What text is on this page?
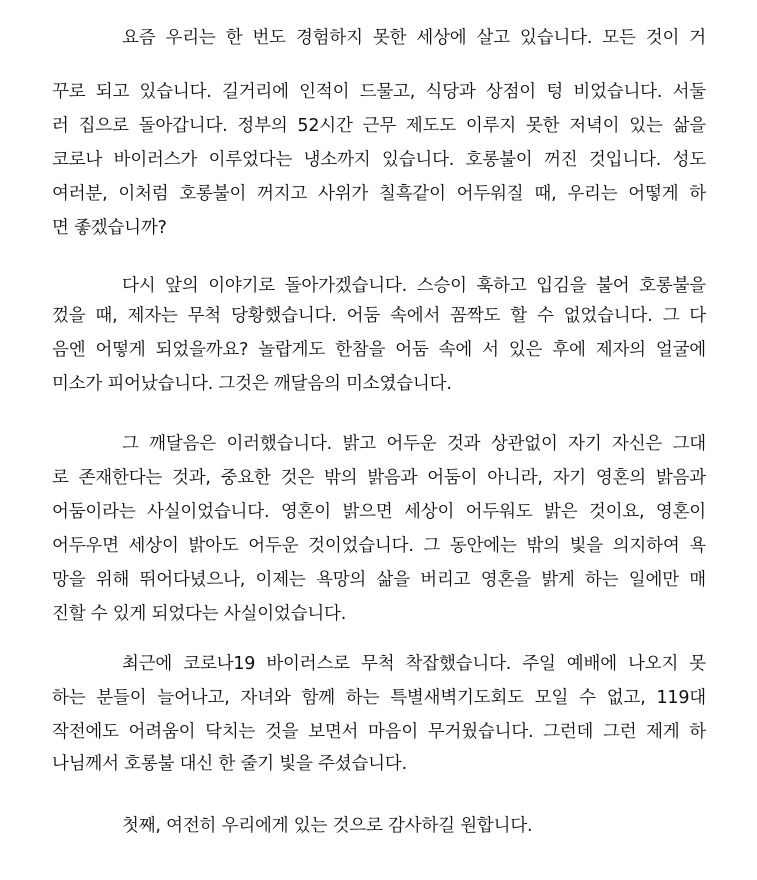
요즘 우리는 한 번도 경험하지 못한 세상에 살고 있습니다. 모든 것이 거
꾸로 되고 있습니다. 길거리에 인적이 드물고, 식당과 상점이 텅 비었습니다. 서둘
러 집으로 돌아갑니다. 정부의 52시간 근무 제도도 이루지 못한 저녁이 있는 삶을
코로나 바이러스가 이루었다는 냉소까지 있습니다. 호롱불이 꺼진 것입니다. 성도
여러분, 이처럼 호롱불이 꺼지고 사위가 칠흑같이 어두워질 때, 우리는 어떻게 하
면 좋겠습니까?
다시 앞의 이야기로 돌아가겠습니다. 스승이 훅하고 입김을 불어 호롱불을
껐을 때, 제자는 무척 당황했습니다. 어둠 속에서 꼼짝도 할 수 없었습니다. 그 다
음엔 어떻게 되었을까요? 놀랍게도 한참을 어둠 속에 서 있은 후에 제자의 얼굴에
미소가 피어났습니다. 그것은 깨달음의 미소였습니다.
그 깨달음은 이러했습니다. 밝고 어두운 것과 상관없이 자기 자신은 그대
로 존재한다는 것과, 중요한 것은 밖의 밝음과 어둠이 아니라, 자기 영혼의 밝음과
어둠이라는 사실이었습니다. 영혼이 밝으면 세상이 어두워도 밝은 것이요, 영혼이
어두우면 세상이 밝아도 어두운 것이었습니다. 그 동안에는 밖의 빛을 의지하여 욕
망을 위해 뛰어다녔으나, 이제는 욕망의 삶을 버리고 영혼을 밝게 하는 일에만 매
진할 수 있게 되었다는 사실이었습니다.
최근에 코로나19 바이러스로 무척 착잡했습니다. 주일 예배에 나오지 못
하는 분들이 늘어나고, 자녀와 함께 하는 특별새벽기도회도 모일 수 없고, 119대
작전에도 어려움이 닥치는 것을 보면서 마음이 무거웠습니다. 그런데 그런 제게 하
나님께서 호롱불 대신 한 줄기 빛을 주셨습니다.
첫째, 여전히 우리에게 있는 것으로 감사하길 원합니다.
